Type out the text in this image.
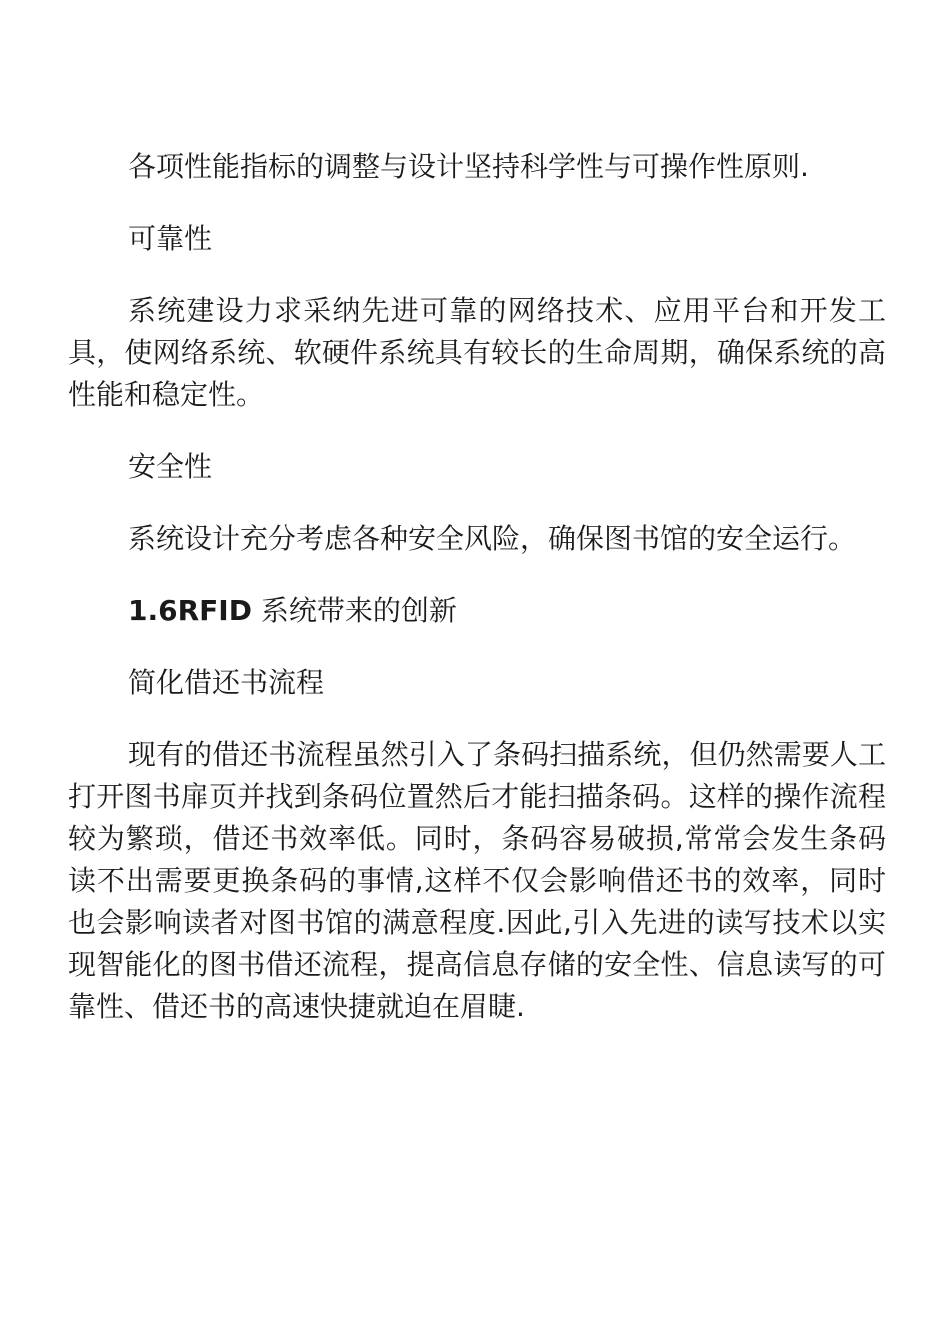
各项性能指标的调整与设计坚持科学性与可操作性原则.

可靠性

系统建设力求采纳先进可靠的网络技术、应用平台和开发工具，使网络系统、软硬件系统具有较长的生命周期，确保系统的高性能和稳定性。

安全性

系统设计充分考虑各种安全风险，确保图书馆的安全运行。

1.6RFID 系统带来的创新

简化借还书流程

现有的借还书流程虽然引入了条码扫描系统，但仍然需要人工打开图书扉页并找到条码位置然后才能扫描条码。这样的操作流程较为繁琐，借还书效率低。同时，条码容易破损,常常会发生条码读不出需要更换条码的事情,这样不仅会影响借还书的效率，同时也会影响读者对图书馆的满意程度.因此,引入先进的读写技术以实现智能化的图书借还流程，提高信息存储的安全性、信息读写的可靠性、借还书的高速快捷就迫在眉睫.
